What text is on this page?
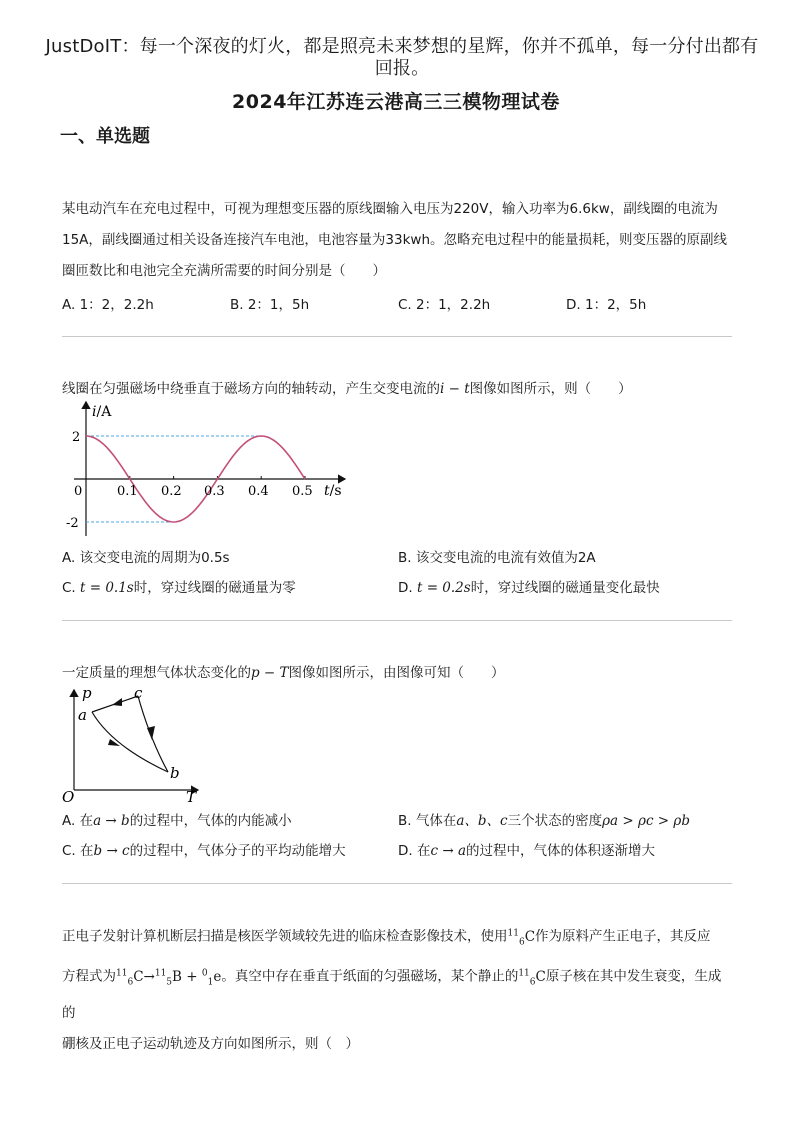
JustDoIT：每一个深夜的灯火，都是照亮未来梦想的星辉，你并不孤单，每一分付出都有回报。
2024年江苏连云港高三三模物理试卷
一、单选题

某电动汽车在充电过程中，可视为理想变压器的原线圈输入电压为220V，输入功率为6.6kw，副线圈的电流为15A，副线圈通过相关设备连接汽车电池，电池容量为33kwh。忽略充电过程中的能量损耗，则变压器的原副线圈匝数比和电池完全充满所需要的时间分别是（　　）

A. 1：2，2.2h	B. 2：1，5h	C. 2：1，2.2h	D. 1：2，5h

线圈在匀强磁场中绕垂直于磁场方向的轴转动，产生交变电流的i − t图像如图所示，则（　　）

i/A
2
-2
0	0.1 0.2 0.3 0.4 0.5 t/s
A. 该交变电流的周期为0.5s	B. 该交变电流的电流有效值为2A
C. t = 0.1s时，穿过线圈的磁通量为零	D. t = 0.2s时，穿过线圈的磁通量变化最快

一定质量的理想气体状态变化的p − T图像如图所示，由图像可知（　　）

p
T
O
a
b
c
A. 在a → b的过程中，气体的内能减小	B. 气体在a、b、c三个状态的密度ρa > ρc > ρb
C. 在b → c的过程中，气体分子的平均动能增大	D. 在c → a的过程中，气体的体积逐渐增大

正电子发射计算机断层扫描是核医学领域较先进的临床检查影像技术，使用$^{11}_6$C作为原料产生正电子，其反应

方程式为$^{11}_6$C→$^{11}_5$B + $^0_1$e。真空中存在垂直于纸面的匀强磁场，某个静止的$^{11}_6$C原子核在其中发生衰变，生成的

硼核及正电子运动轨迹及方向如图所示，则（　）
